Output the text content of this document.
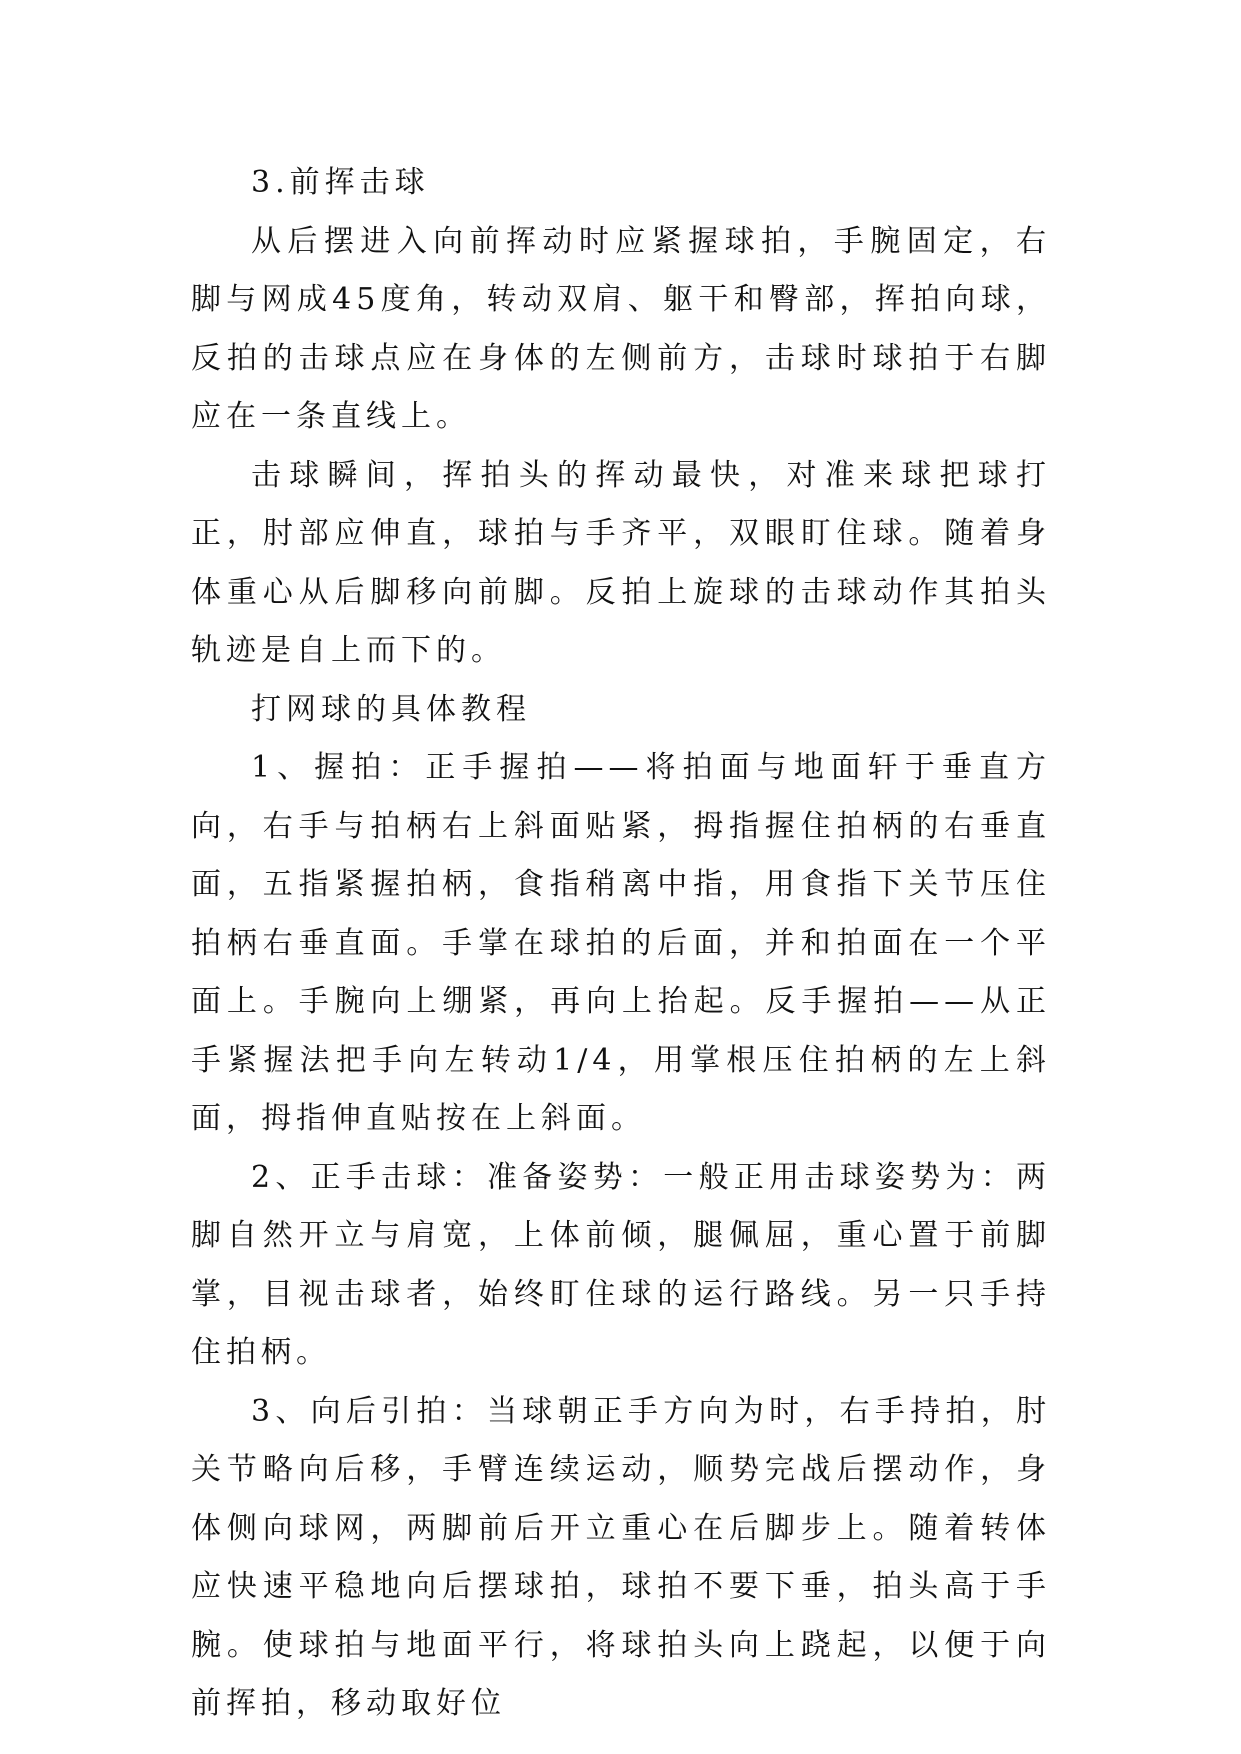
3.前挥击球

从后摆进入向前挥动时应紧握球拍，手腕固定，右脚与网成45度角，转动双肩、躯干和臀部，挥拍向球，反拍的击球点应在身体的左侧前方，击球时球拍于右脚应在一条直线上。

击球瞬间，挥拍头的挥动最快，对准来球把球打正，肘部应伸直，球拍与手齐平，双眼盯住球。随着身体重心从后脚移向前脚。反拍上旋球的击球动作其拍头轨迹是自上而下的。

打网球的具体教程

1、握拍：正手握拍——将拍面与地面轩于垂直方向，右手与拍柄右上斜面贴紧，拇指握住拍柄的右垂直面，五指紧握拍柄，食指稍离中指，用食指下关节压住拍柄右垂直面。手掌在球拍的后面，并和拍面在一个平面上。手腕向上绷紧，再向上抬起。反手握拍——从正手紧握法把手向左转动1/4，用掌根压住拍柄的左上斜面，拇指伸直贴按在上斜面。

2、正手击球：准备姿势：一般正用击球姿势为：两脚自然开立与肩宽，上体前倾，腿佩屈，重心置于前脚掌，目视击球者，始终盯住球的运行路线。另一只手持住拍柄。

3、向后引拍：当球朝正手方向为时，右手持拍，肘关节略向后移，手臂连续运动，顺势完战后摆动作，身体侧向球网，两脚前后开立重心在后脚步上。随着转体应快速平稳地向后摆球拍，球拍不要下垂，拍头高于手腕。使球拍与地面平行，将球拍头向上跷起，以便于向前挥拍，移动取好位
